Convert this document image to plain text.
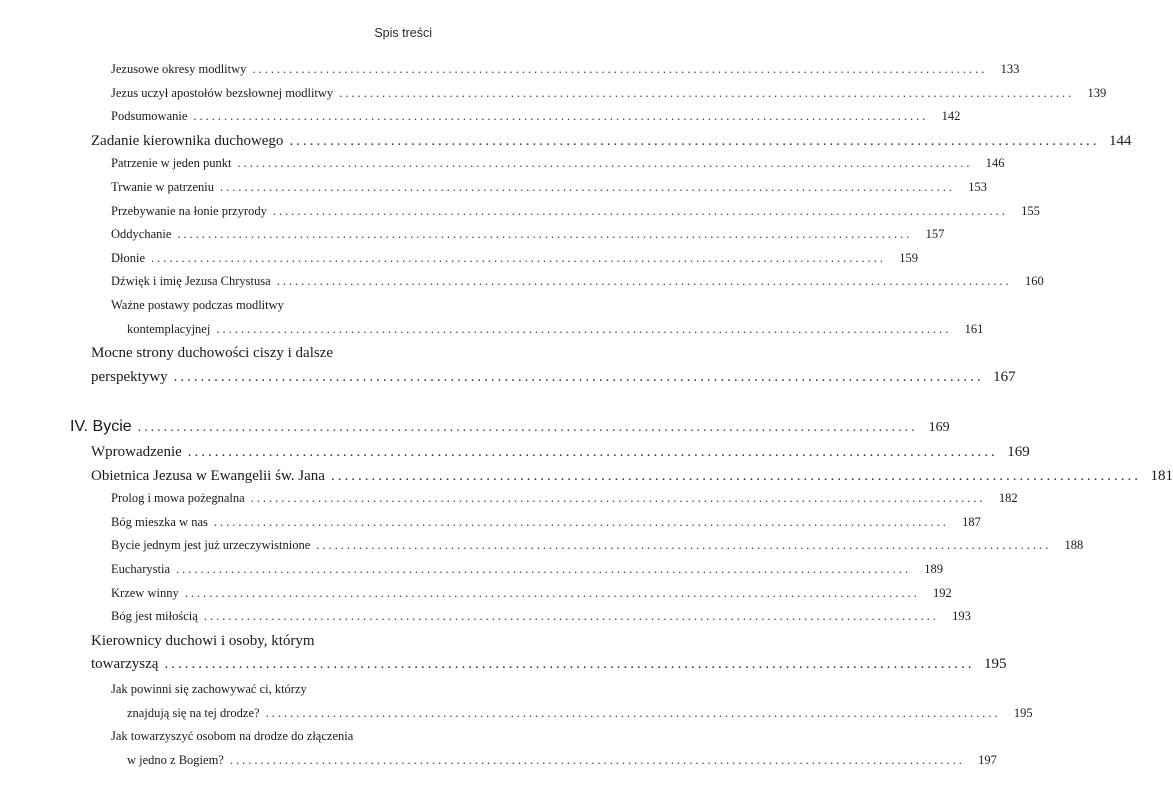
Spis treści
Jezusowe okresy modlitwy ........................................................................................................................	133
Jezus uczył apostołów bezsłownej modlitwy ........................................................................................................................	139
Podsumowanie ........................................................................................................................	142
Zadanie kierownika duchowego ........................................................................................................................ 144
Patrzenie w jeden punkt ........................................................................................................................	146
Trwanie w patrzeniu ........................................................................................................................	153
Przebywanie na łonie przyrody ........................................................................................................................	155
Oddychanie ........................................................................................................................	157
Dłonie ........................................................................................................................	159
Dźwięk i imię Jezusa Chrystusa ........................................................................................................................	160
Ważne postawy podczas modlitwy
kontemplacyjnej ........................................................................................................................	161
Mocne strony duchowości ciszy i dalsze
perspektywy ........................................................................................................................ 167
IV. Bycie ........................................................................................................................ 169
Wprowadzenie ........................................................................................................................ 169
Obietnica Jezusa w Ewangelii św. Jana ........................................................................................................................ 181
Prolog i mowa pożegnalna ........................................................................................................................	182
Bóg mieszka w nas ........................................................................................................................	187
Bycie jednym jest już urzeczywistnione ........................................................................................................................	188
Eucharystia ........................................................................................................................	189
Krzew winny ........................................................................................................................	192
Bóg jest miłością ........................................................................................................................	193
Kierownicy duchowi i osoby, którym
towarzyszą ........................................................................................................................ 195
Jak powinni się zachowywać ci, którzy
znajdują się na tej drodze? ........................................................................................................................	195
Jak towarzyszyć osobom na drodze do złączenia
w jedno z Bogiem? ........................................................................................................................	197
